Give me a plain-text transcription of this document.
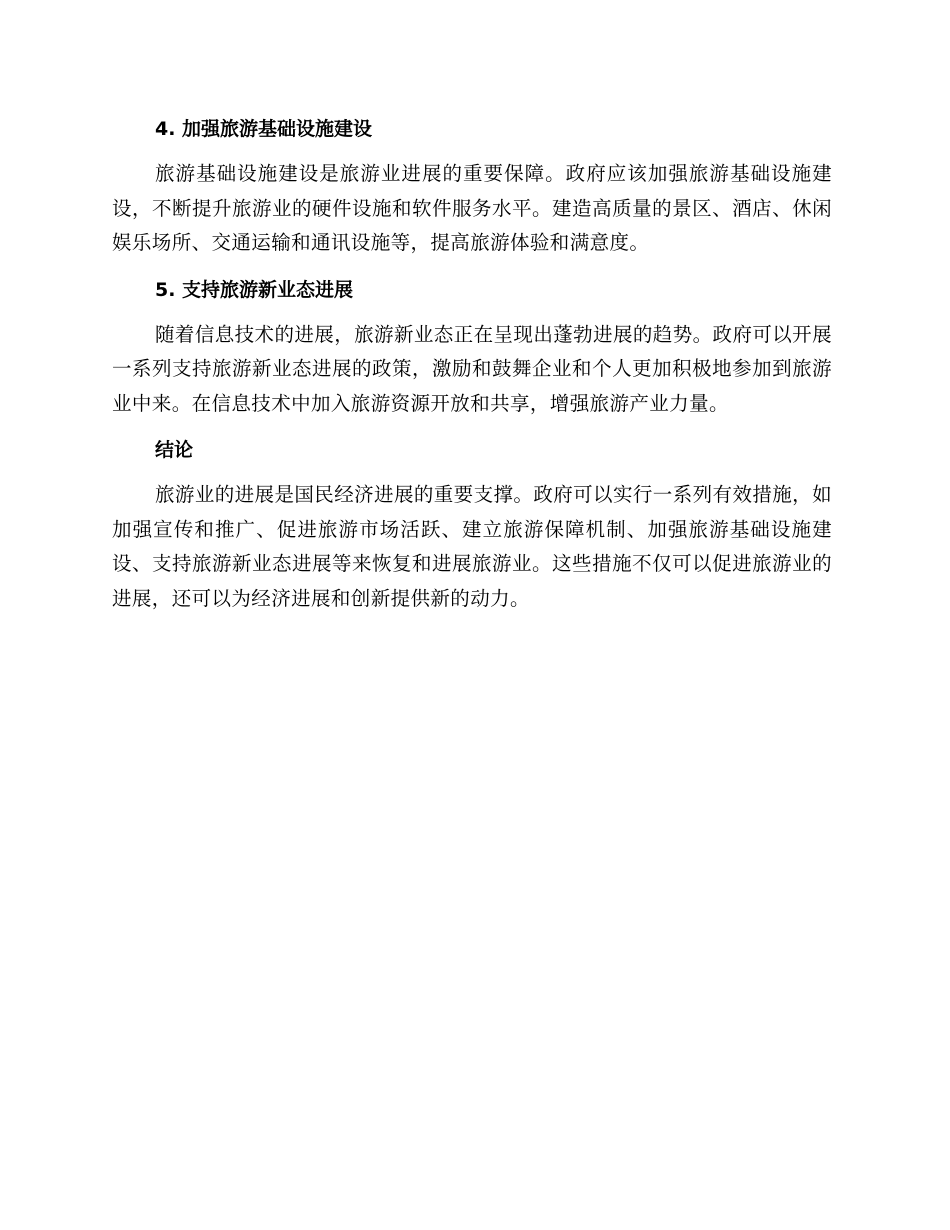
4. 加强旅游基础设施建设

旅游基础设施建设是旅游业进展的重要保障。政府应该加强旅游基础设施建设，不断提升旅游业的硬件设施和软件服务水平。建造高质量的景区、酒店、休闲娱乐场所、交通运输和通讯设施等，提高旅游体验和满意度。

5. 支持旅游新业态进展

随着信息技术的进展，旅游新业态正在呈现出蓬勃进展的趋势。政府可以开展一系列支持旅游新业态进展的政策，激励和鼓舞企业和个人更加积极地参加到旅游业中来。在信息技术中加入旅游资源开放和共享，增强旅游产业力量。

结论

旅游业的进展是国民经济进展的重要支撑。政府可以实行一系列有效措施，如加强宣传和推广、促进旅游市场活跃、建立旅游保障机制、加强旅游基础设施建设、支持旅游新业态进展等来恢复和进展旅游业。这些措施不仅可以促进旅游业的进展，还可以为经济进展和创新提供新的动力。
